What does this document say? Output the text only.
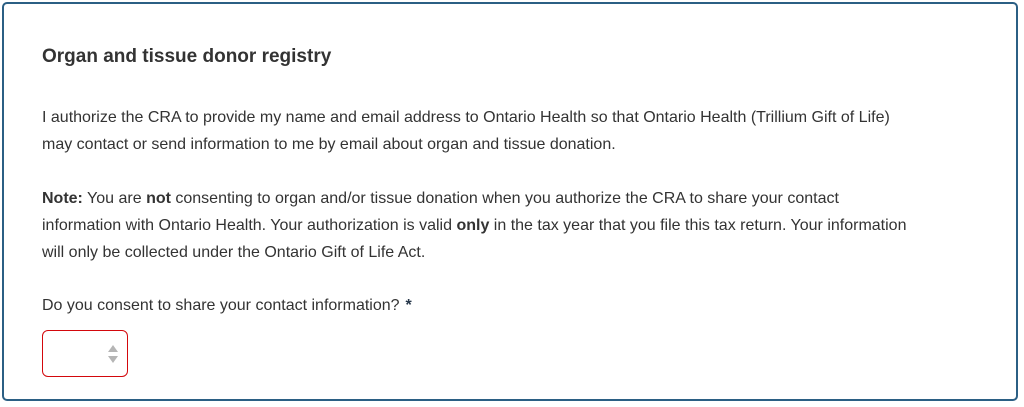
Organ and tissue donor registry

I authorize the CRA to provide my name and email address to Ontario Health so that Ontario Health (Trillium Gift of Life)
may contact or send information to me by email about organ and tissue donation.

Note: You are not consenting to organ and/or tissue donation when you authorize the CRA to share your contact
information with Ontario Health. Your authorization is valid only in the tax year that you file this tax return. Your information
will only be collected under the Ontario Gift of Life Act.

Do you consent to share your contact information? *
